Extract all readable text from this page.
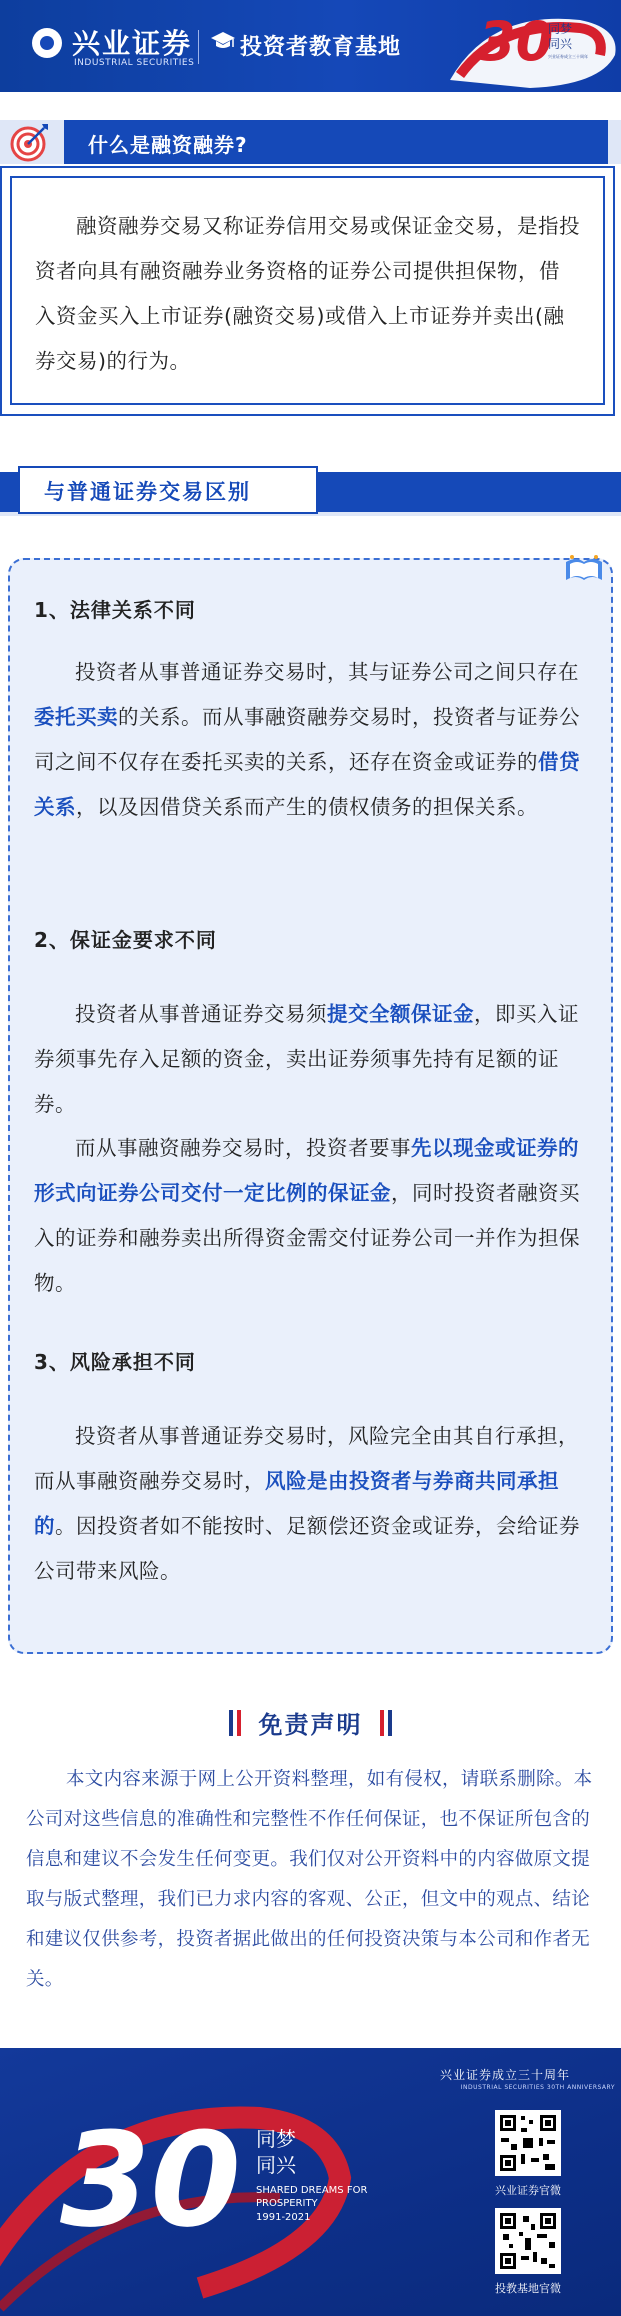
兴业证券
INDUSTRIAL SECURITIES
投资者教育基地 30
同梦同兴
兴业证券成立三十周年
什么是融资融券?
融资融券交易又称证券信用交易或保证金交易，是指投资者向具有融资融券业务资格的证券公司提供担保物，借入资金买入上市证券(融资交易)或借入上市证券并卖出(融券交易)的行为。
与普通证券交易区别
1、法律关系不同
投资者从事普通证券交易时，其与证券公司之间只存在委托买卖的关系。而从事融资融券交易时，投资者与证券公司之间不仅存在委托买卖的关系，还存在资金或证券的借贷关系，以及因借贷关系而产生的债权债务的担保关系。
2、保证金要求不同
投资者从事普通证券交易须提交全额保证金，即买入证券须事先存入足额的资金，卖出证券须事先持有足额的证券。
而从事融资融券交易时，投资者要事先以现金或证券的形式向证券公司交付一定比例的保证金，同时投资者融资买入的证券和融券卖出所得资金需交付证券公司一并作为担保物。
3、风险承担不同
投资者从事普通证券交易时，风险完全由其自行承担，而从事融资融券交易时，风险是由投资者与券商共同承担的。因投资者如不能按时、足额偿还资金或证券，会给证券公司带来风险。
免责声明
本文内容来源于网上公开资料整理，如有侵权，请联系删除。本公司对这些信息的准确性和完整性不作任何保证，也不保证所包含的信息和建议不会发生任何变更。我们仅对公开资料中的内容做原文提取与版式整理，我们已力求内容的客观、公正，但文中的观点、结论和建议仅供参考，投资者据此做出的任何投资决策与本公司和作者无关。
兴业证券成立三十周年
INDUSTRIAL SECURITIES 30TH ANNIVERSARY
30 同梦同兴
SHARED DREAMS FOR PROSPERITY
1991-2021
兴业证券官微
投教基地官微
